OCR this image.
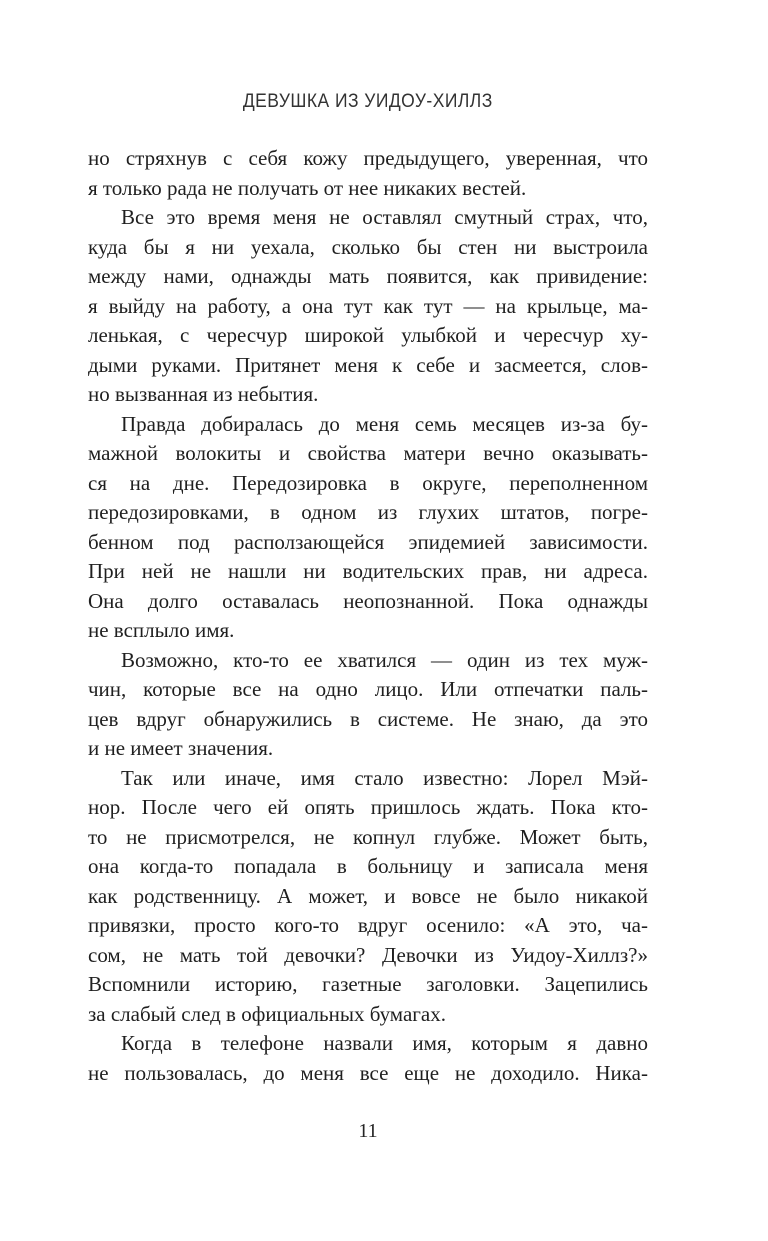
ДЕВУШКА ИЗ УИДОУ-ХИЛЛЗ
но стряхнув с себя кожу предыдущего, уверенная, что
я только рада не получать от нее никаких вестей.
Все это время меня не оставлял смутный страх, что,
куда бы я ни уехала, сколько бы стен ни выстроила
между нами, однажды мать появится, как привидение:
я выйду на работу, а она тут как тут — на крыльце, ма-
ленькая, с чересчур широкой улыбкой и чересчур ху-
дыми руками. Притянет меня к себе и засмеется, слов-
но вызванная из небытия.
Правда добиралась до меня семь месяцев из-за бу-
мажной волокиты и свойства матери вечно оказывать-
ся на дне. Передозировка в округе, переполненном
передозировками, в одном из глухих штатов, погре-
бенном под расползающейся эпидемией зависимости.
При ней не нашли ни водительских прав, ни адреса.
Она долго оставалась неопознанной. Пока однажды
не всплыло имя.
Возможно, кто-то ее хватился — один из тех муж-
чин, которые все на одно лицо. Или отпечатки паль-
цев вдруг обнаружились в системе. Не знаю, да это
и не имеет значения.
Так или иначе, имя стало известно: Лорел Мэй-
нор. После чего ей опять пришлось ждать. Пока кто-
то не присмотрелся, не копнул глубже. Может быть,
она когда-то попадала в больницу и записала меня
как родственницу. А может, и вовсе не было никакой
привязки, просто кого-то вдруг осенило: «А это, ча-
сом, не мать той девочки? Девочки из Уидоу-Хиллз?»
Вспомнили историю, газетные заголовки. Зацепились
за слабый след в официальных бумагах.
Когда в телефоне назвали имя, которым я давно
не пользовалась, до меня все еще не доходило. Ника-
11
